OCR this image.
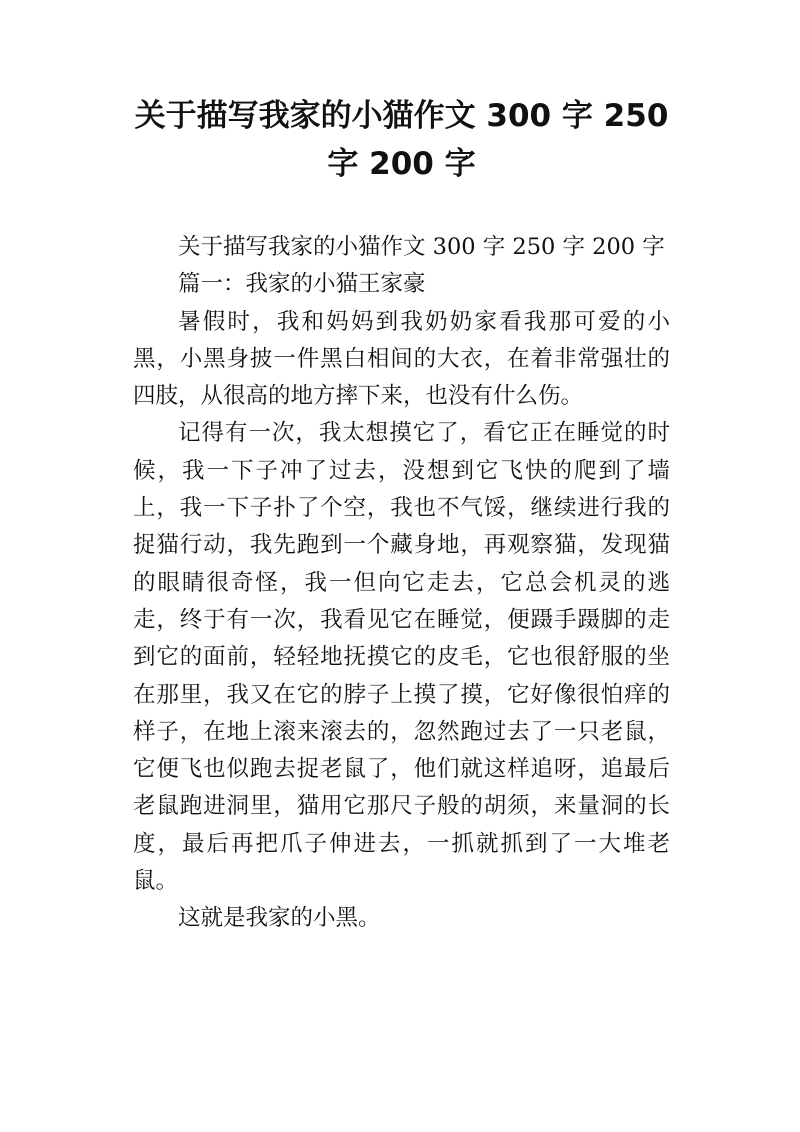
关于描写我家的小猫作文 300 字 250 字 200 字

关于描写我家的小猫作文 300 字 250 字 200 字

篇一：我家的小猫王家豪

暑假时，我和妈妈到我奶奶家看我那可爱的小黑，小黑身披一件黑白相间的大衣，在着非常强壮的四肢，从很高的地方摔下来，也没有什么伤。

记得有一次，我太想摸它了，看它正在睡觉的时候，我一下子冲了过去，没想到它飞快的爬到了墙上，我一下子扑了个空，我也不气馁，继续进行我的捉猫行动，我先跑到一个藏身地，再观察猫，发现猫的眼睛很奇怪，我一但向它走去，它总会机灵的逃走，终于有一次，我看见它在睡觉，便蹑手蹑脚的走到它的面前，轻轻地抚摸它的皮毛，它也很舒服的坐在那里，我又在它的脖子上摸了摸，它好像很怕痒的样子，在地上滚来滚去的，忽然跑过去了一只老鼠，它便飞也似跑去捉老鼠了，他们就这样追呀，追最后老鼠跑进洞里，猫用它那尺子般的胡须，来量洞的长度，最后再把爪子伸进去，一抓就抓到了一大堆老鼠。

这就是我家的小黑。
